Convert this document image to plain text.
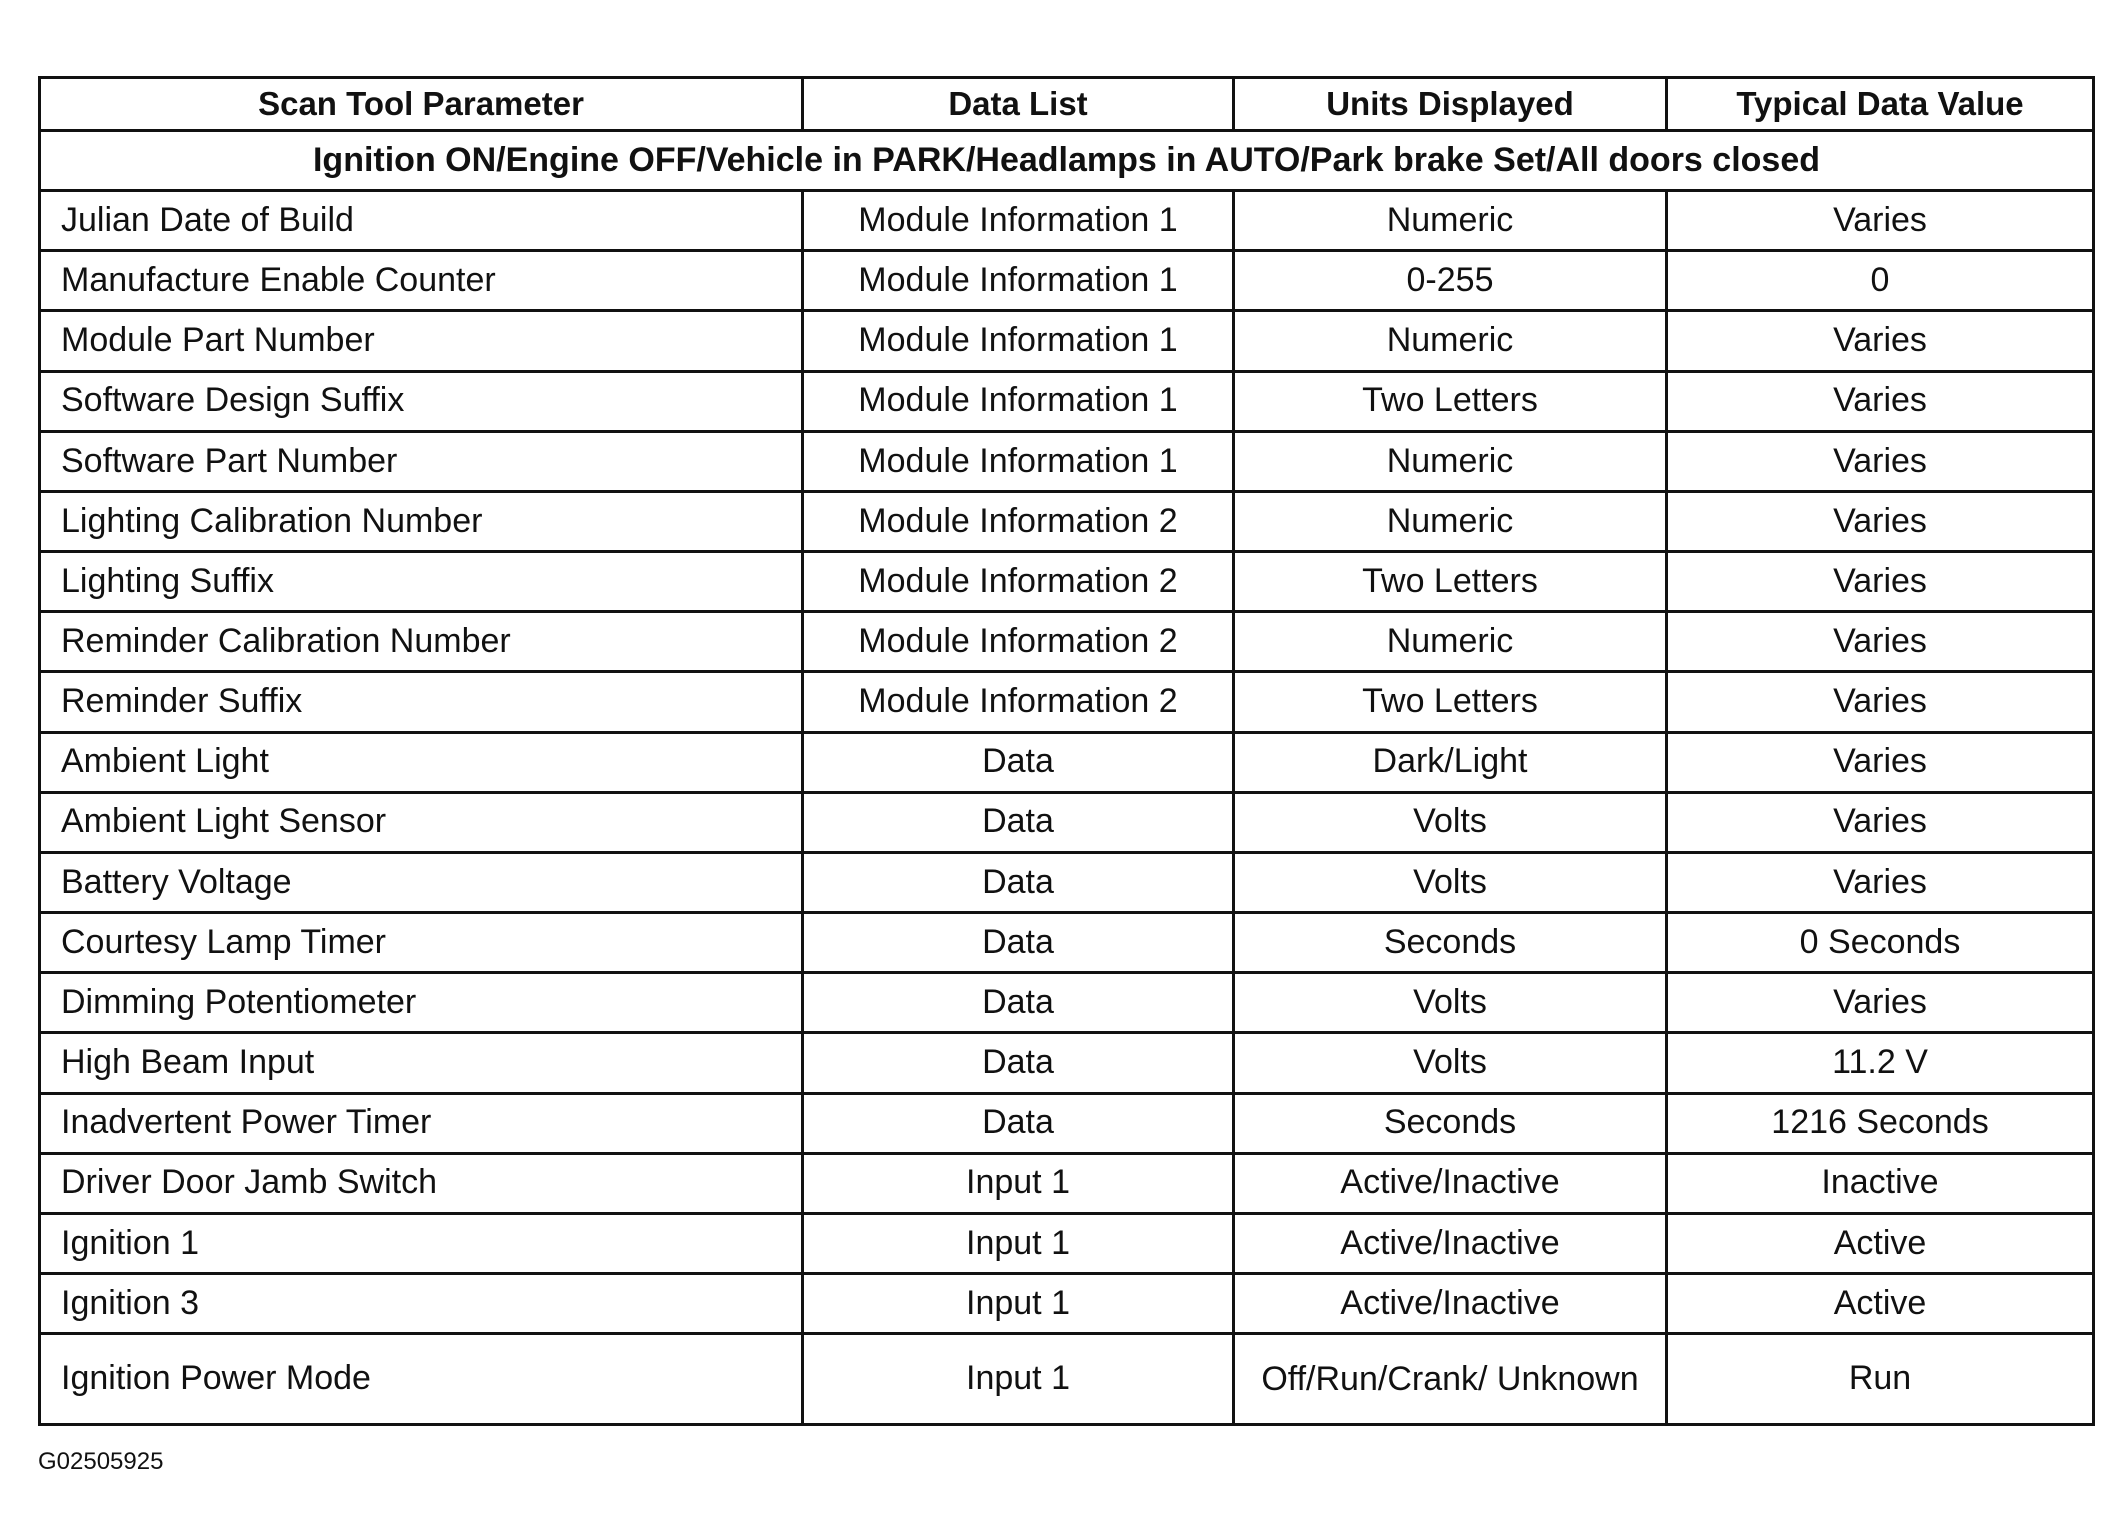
Scan Tool Parameter	Data List	Units Displayed	Typical Data Value
Ignition ON/Engine OFF/Vehicle in PARK/Headlamps in AUTO/Park brake Set/All doors closed			
Julian Date of Build	Module Information 1	Numeric	Varies
Manufacture Enable Counter	Module Information 1	0-255	0
Module Part Number	Module Information 1	Numeric	Varies
Software Design Suffix	Module Information 1	Two Letters	Varies
Software Part Number	Module Information 1	Numeric	Varies
Lighting Calibration Number	Module Information 2	Numeric	Varies
Lighting Suffix	Module Information 2	Two Letters	Varies
Reminder Calibration Number	Module Information 2	Numeric	Varies
Reminder Suffix	Module Information 2	Two Letters	Varies
Ambient Light	Data	Dark/Light	Varies
Ambient Light Sensor	Data	Volts	Varies
Battery Voltage	Data	Volts	Varies
Courtesy Lamp Timer	Data	Seconds	0 Seconds
Dimming Potentiometer	Data	Volts	Varies
High Beam Input	Data	Volts	11.2 V
Inadvertent Power Timer	Data	Seconds	1216 Seconds
Driver Door Jamb Switch	Input 1	Active/Inactive	Inactive
Ignition 1	Input 1	Active/Inactive	Active
Ignition 3	Input 1	Active/Inactive	Active
Ignition Power Mode	Input 1	Off/Run/Crank/ Unknown	Run
G02505925
